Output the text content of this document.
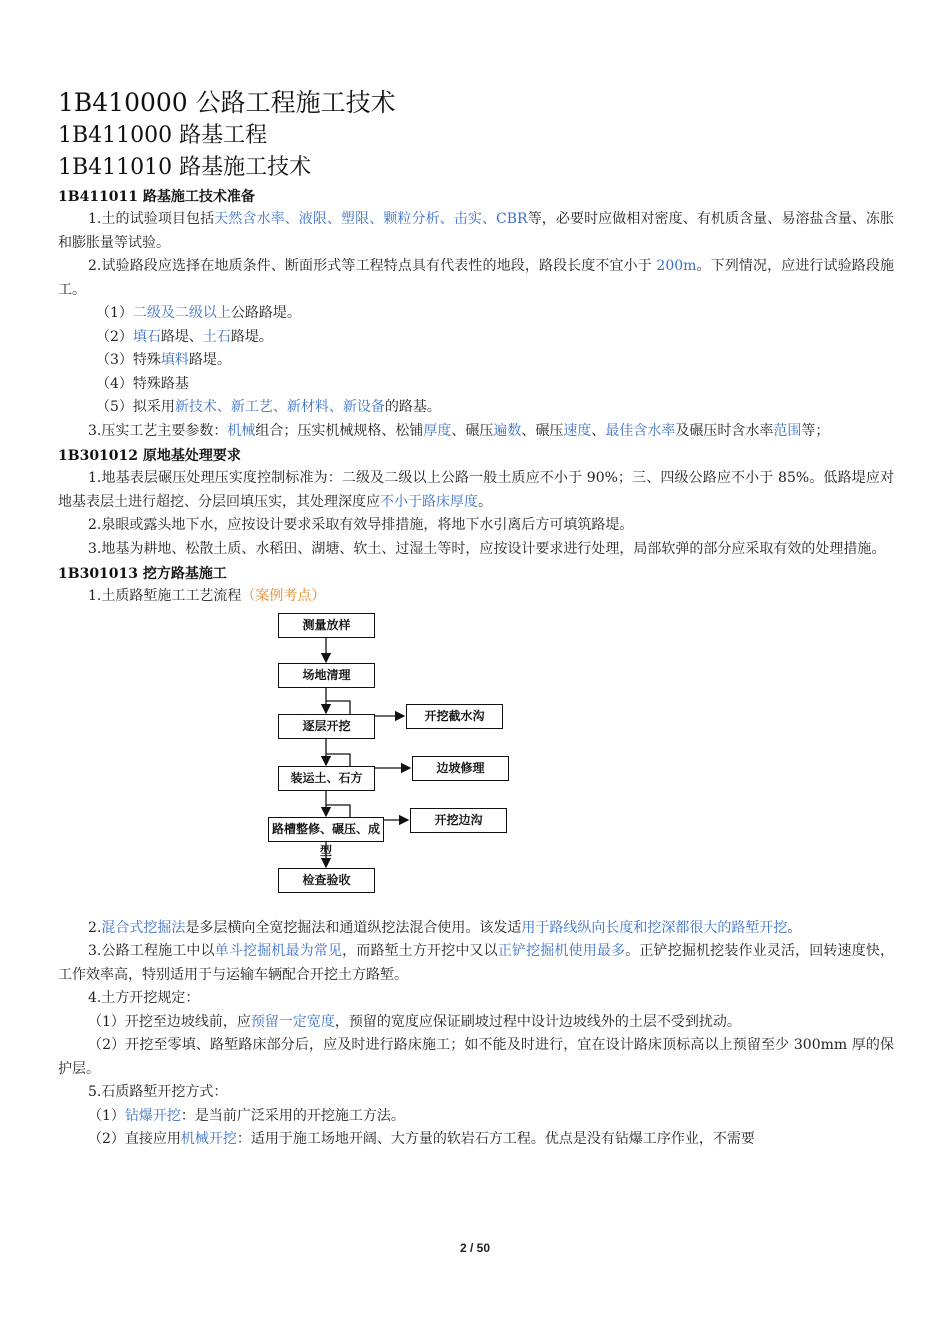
1B410000 公路工程施工技术
1B411000 路基工程
1B411010 路基施工技术
1B411011 路基施工技术准备

1.土的试验项目包括天然含水率、液限、塑限、颗粒分析、击实、CBR等，必要时应做相对密度、有机质含量、易溶盐含量、冻胀和膨胀量等试验。

2.试验路段应选择在地质条件、断面形式等工程特点具有代表性的地段，路段长度不宜小于 200m。下列情况，应进行试验路段施工。

（1）二级及二级以上公路路堤。

（2）填石路堤、土石路堤。

（3）特殊填料路堤。

（4）特殊路基

（5）拟采用新技术、新工艺、新材料、新设备的路基。

3.压实工艺主要参数：机械组合；压实机械规格、松铺厚度、碾压遍数、碾压速度、最佳含水率及碾压时含水率范围等；

1B301012 原地基处理要求

1.地基表层碾压处理压实度控制标准为：二级及二级以上公路一般土质应不小于 90%；三、四级公路应不小于 85%。低路堤应对地基表层土进行超挖、分层回填压实，其处理深度应不小于路床厚度。

2.泉眼或露头地下水，应按设计要求采取有效导排措施，将地下水引离后方可填筑路堤。

3.地基为耕地、松散土质、水稻田、湖塘、软土、过湿土等时，应按设计要求进行处理，局部软弹的部分应采取有效的处理措施。

1B301013 挖方路基施工

1.土质路堑施工工艺流程（案例考点）

测量放样
场地清理
逐层开挖
装运土、石方
路槽整修、碾压、成型
检查验收
开挖截水沟
边坡修理
开挖边沟

2.混合式挖掘法是多层横向全宽挖掘法和通道纵挖法混合使用。该发适用于路线纵向长度和挖深都很大的路堑开挖。

3.公路工程施工中以单斗挖掘机最为常见，而路堑土方开挖中又以正铲挖掘机使用最多。正铲挖掘机挖装作业灵活，回转速度快，工作效率高，特别适用于与运输车辆配合开挖土方路堑。

4.土方开挖规定：

（1）开挖至边坡线前，应预留一定宽度，预留的宽度应保证刷坡过程中设计边坡线外的土层不受到扰动。

（2）开挖至零填、路堑路床部分后，应及时进行路床施工；如不能及时进行，宜在设计路床顶标高以上预留至少 300mm 厚的保护层。

5.石质路堑开挖方式：

（1）钻爆开挖：是当前广泛采用的开挖施工方法。

（2）直接应用机械开挖：适用于施工场地开阔、大方量的软岩石方工程。优点是没有钻爆工序作业，不需要

2 / 50
